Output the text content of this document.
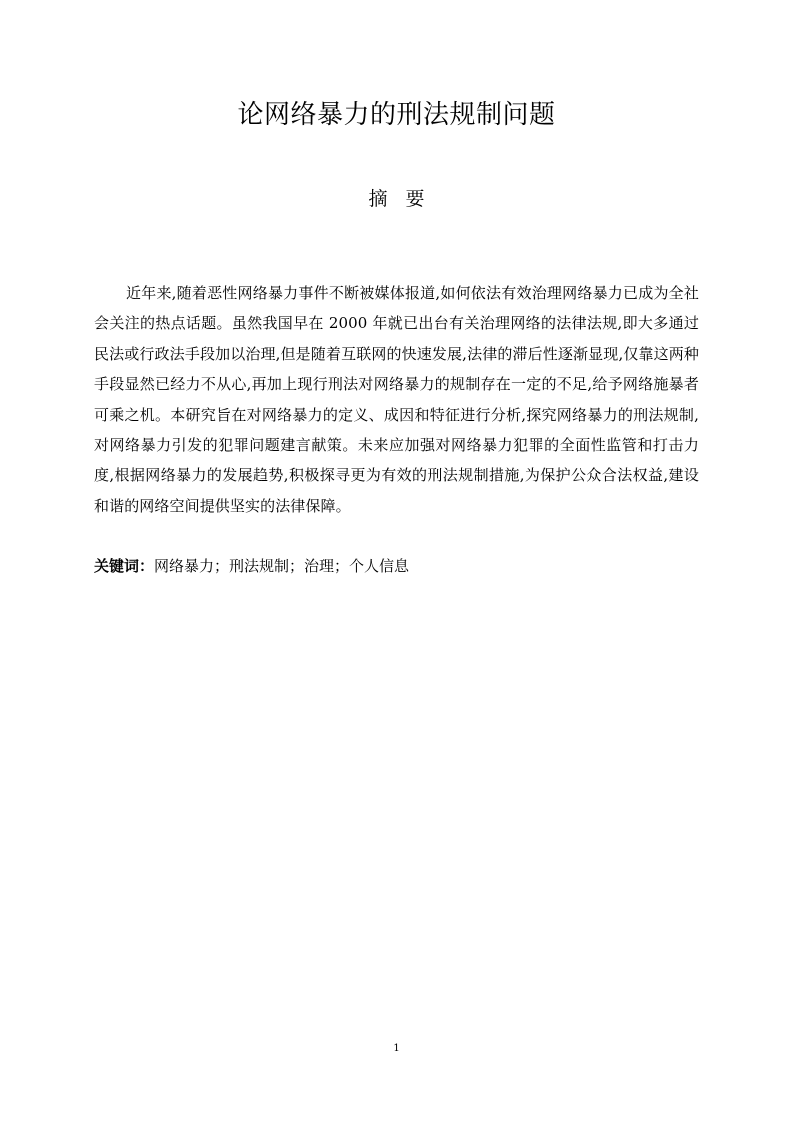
论网络暴力的刑法规制问题
摘要

近年来,随着恶性网络暴力事件不断被媒体报道,如何依法有效治理网络暴力已成为全社会关注的热点话题。虽然我国早在 2000 年就已出台有关治理网络的法律法规,即大多通过民法或行政法手段加以治理,但是随着互联网的快速发展,法律的滞后性逐渐显现,仅靠这两种手段显然已经力不从心,再加上现行刑法对网络暴力的规制存在一定的不足,给予网络施暴者可乘之机。本研究旨在对网络暴力的定义、成因和特征进行分析,探究网络暴力的刑法规制,对网络暴力引发的犯罪问题建言献策。未来应加强对网络暴力犯罪的全面性监管和打击力度,根据网络暴力的发展趋势,积极探寻更为有效的刑法规制措施,为保护公众合法权益,建设和谐的网络空间提供坚实的法律保障。

关键词：网络暴力；刑法规制；治理；个人信息
1
